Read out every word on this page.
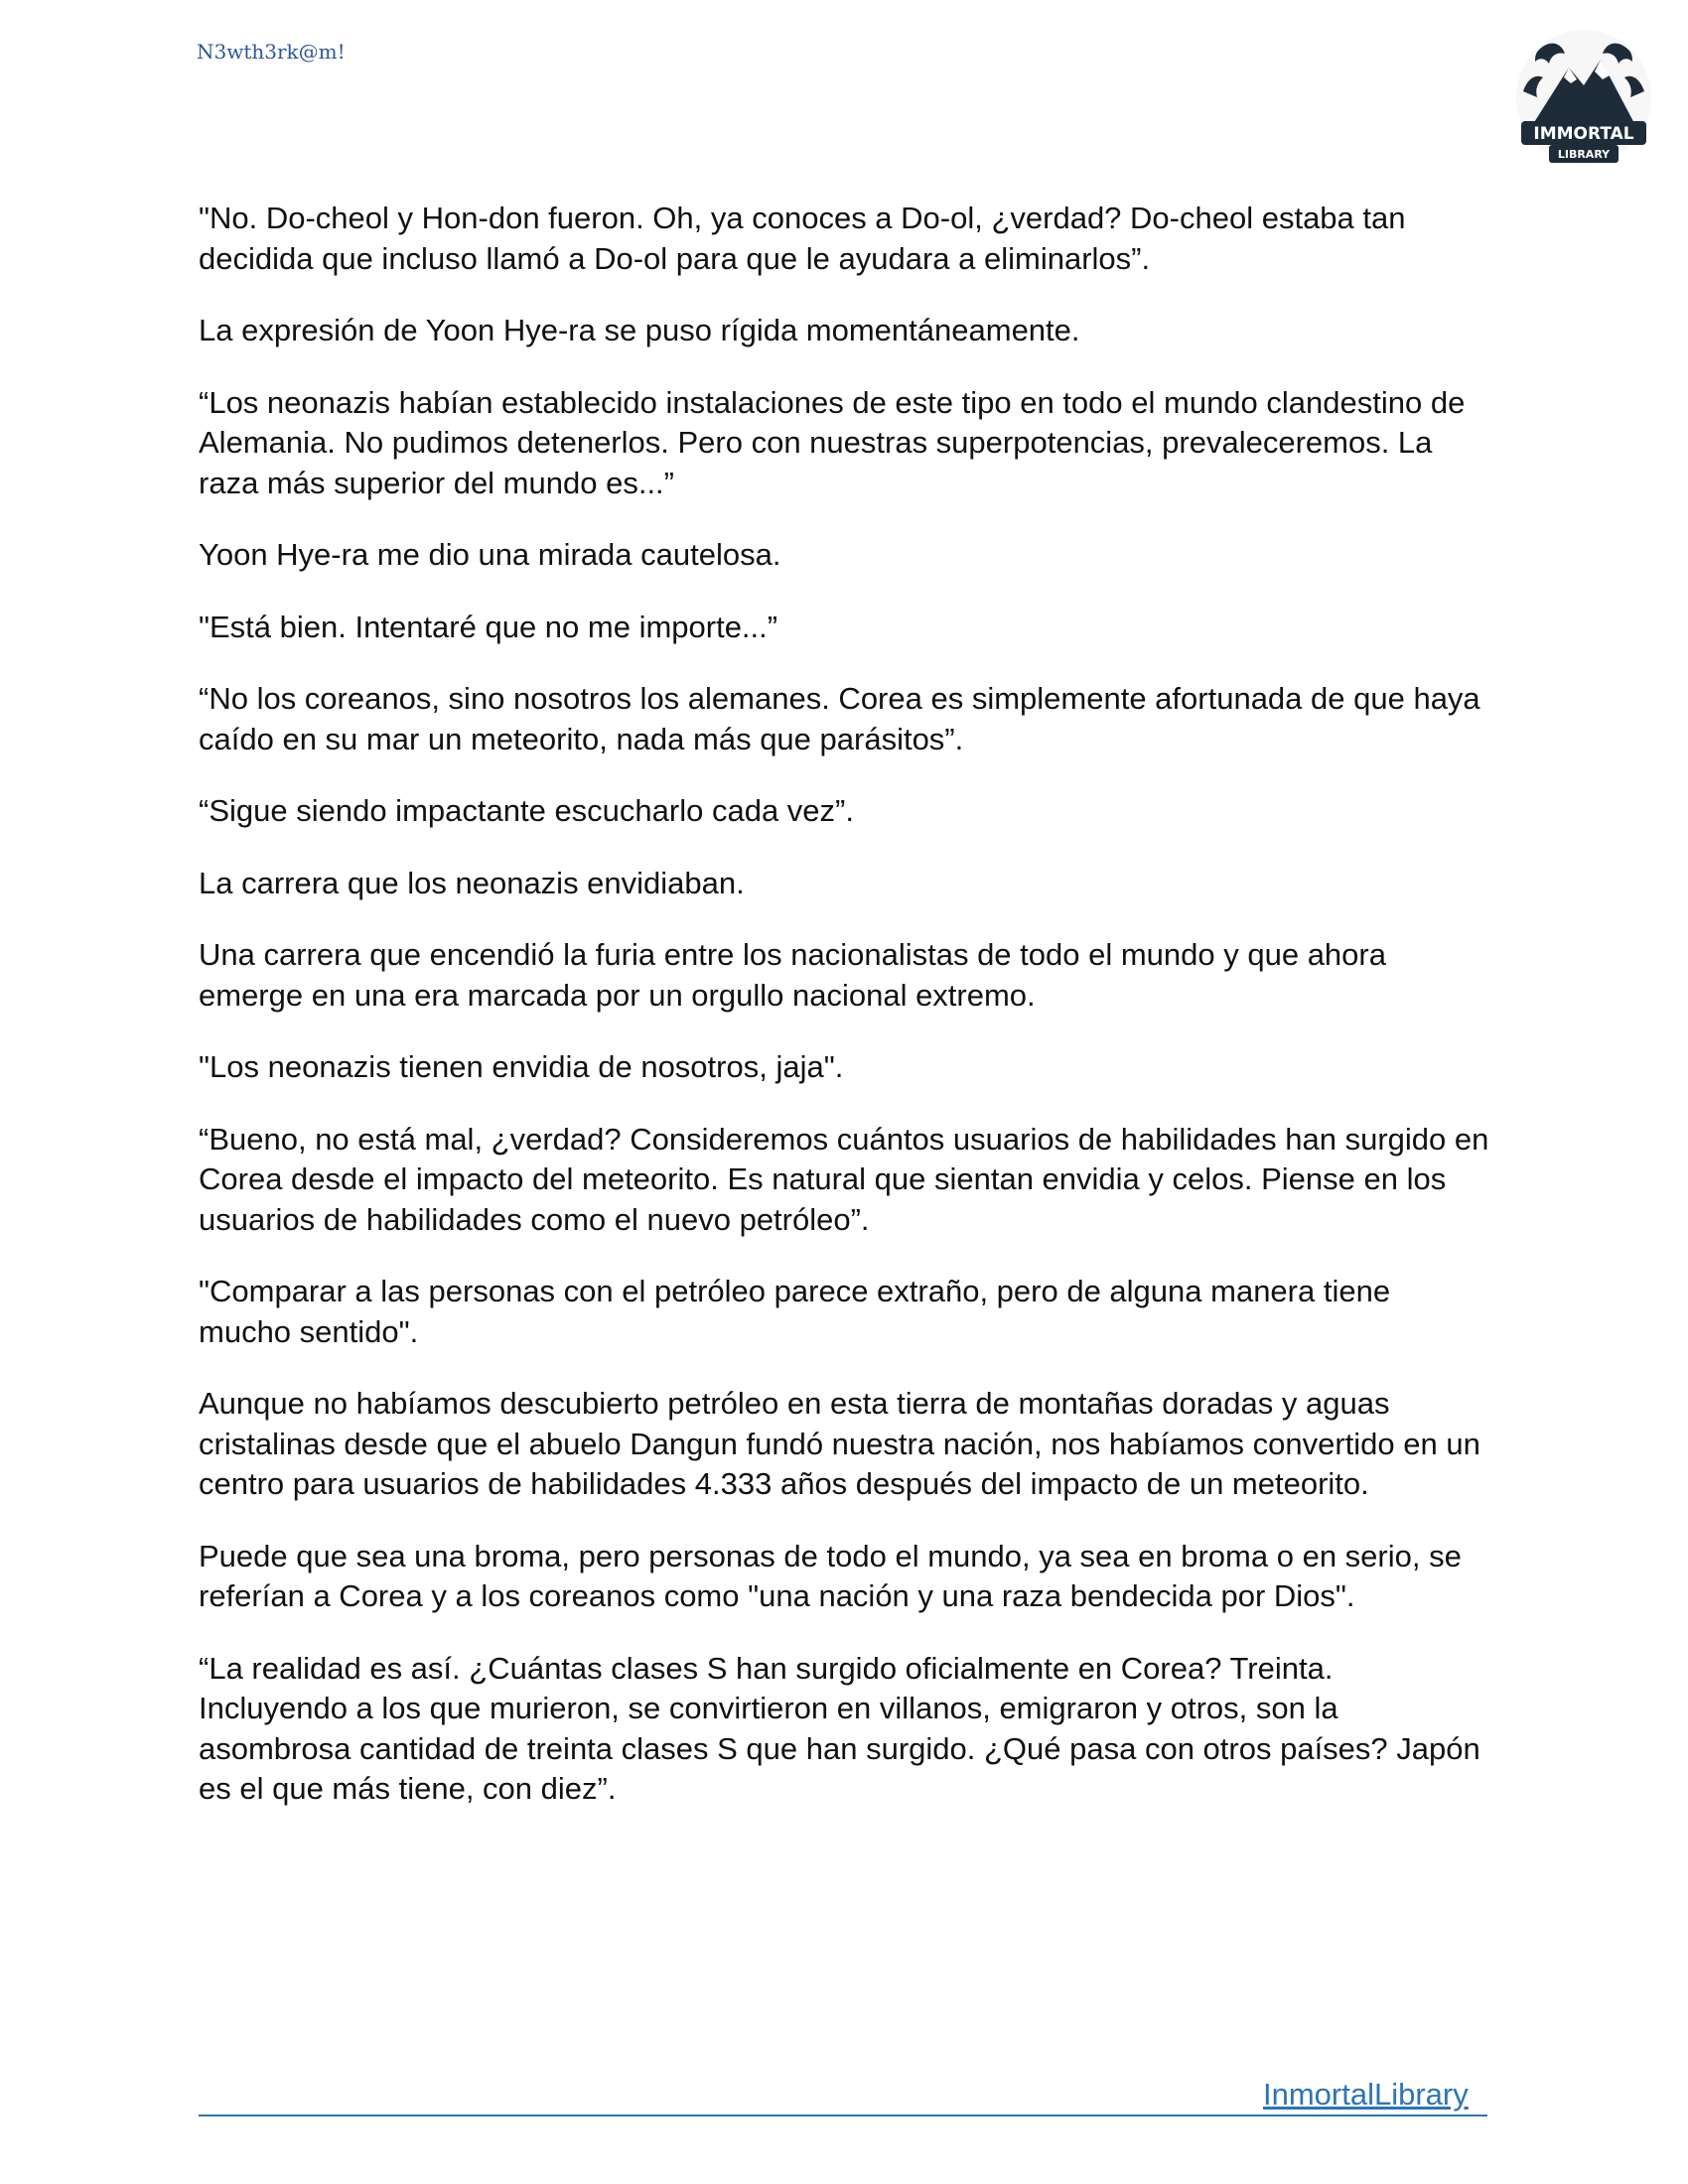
N3wth3rk@m!
IMMORTAL
LIBRARY

"No. Do-cheol y Hon-don fueron. Oh, ya conoces a Do-ol, ¿verdad? Do-cheol estaba tan decidida que incluso llamó a Do-ol para que le ayudara a eliminarlos”.

La expresión de Yoon Hye-ra se puso rígida momentáneamente.

“Los neonazis habían establecido instalaciones de este tipo en todo el mundo clandestino de Alemania. No pudimos detenerlos. Pero con nuestras superpotencias, prevaleceremos. La raza más superior del mundo es...”

Yoon Hye-ra me dio una mirada cautelosa.

"Está bien. Intentaré que no me importe...”

“No los coreanos, sino nosotros los alemanes. Corea es simplemente afortunada de que haya caído en su mar un meteorito, nada más que parásitos”.

“Sigue siendo impactante escucharlo cada vez”.

La carrera que los neonazis envidiaban.

Una carrera que encendió la furia entre los nacionalistas de todo el mundo y que ahora emerge en una era marcada por un orgullo nacional extremo.

"Los neonazis tienen envidia de nosotros, jaja".

“Bueno, no está mal, ¿verdad? Consideremos cuántos usuarios de habilidades han surgido en Corea desde el impacto del meteorito. Es natural que sientan envidia y celos. Piense en los usuarios de habilidades como el nuevo petróleo”.

"Comparar a las personas con el petróleo parece extraño, pero de alguna manera tiene mucho sentido".

Aunque no habíamos descubierto petróleo en esta tierra de montañas doradas y aguas cristalinas desde que el abuelo Dangun fundó nuestra nación, nos habíamos convertido en un centro para usuarios de habilidades 4.333 años después del impacto de un meteorito.

Puede que sea una broma, pero personas de todo el mundo, ya sea en broma o en serio, se referían a Corea y a los coreanos como "una nación y una raza bendecida por Dios".

“La realidad es así. ¿Cuántas clases S han surgido oficialmente en Corea? Treinta. Incluyendo a los que murieron, se convirtieron en villanos, emigraron y otros, son la asombrosa cantidad de treinta clases S que han surgido. ¿Qué pasa con otros países? Japón es el que más tiene, con diez”.

InmortalLibrary
